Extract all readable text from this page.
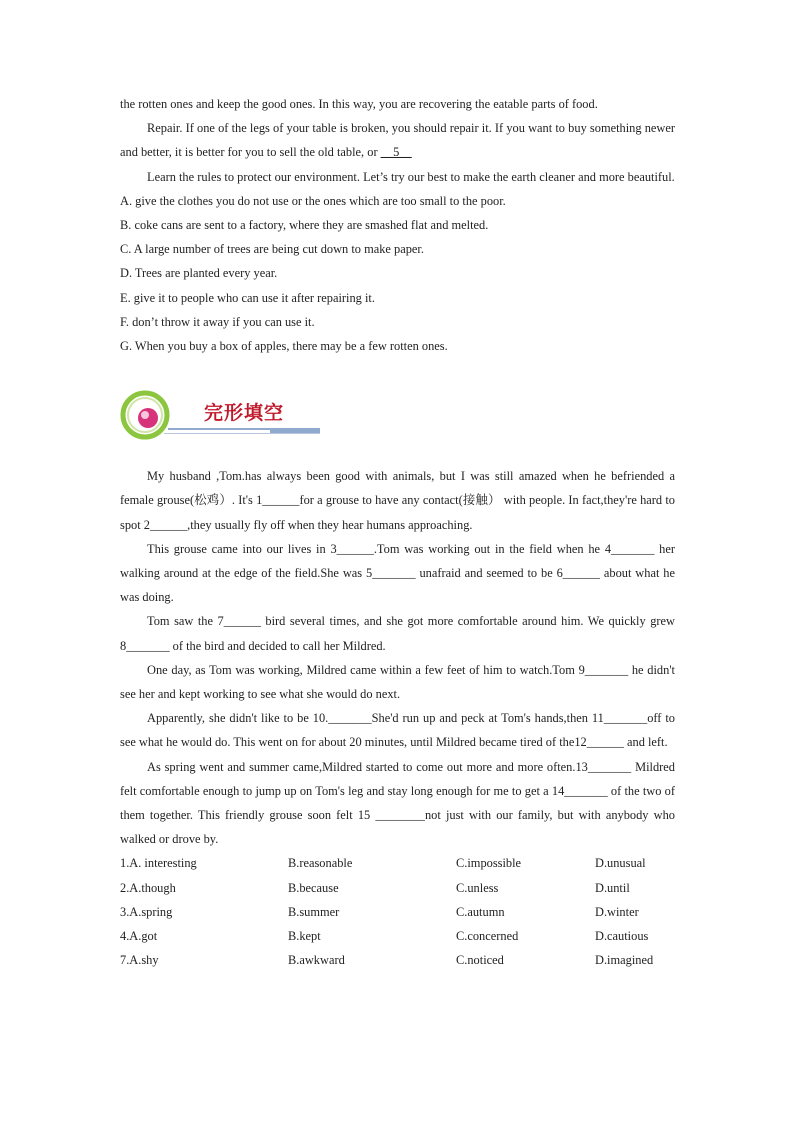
the rotten ones and keep the good ones. In this way, you are recovering the eatable parts of food.

Repair. If one of the legs of your table is broken, you should repair it. If you want to buy something newer and better, it is better for you to sell the old table, or __5__

Learn the rules to protect our environment. Let’s try our best to make the earth cleaner and more beautiful.

A. give the clothes you do not use or the ones which are too small to the poor.

B. coke cans are sent to a factory, where they are smashed flat and melted.

C. A large number of trees are being cut down to make paper.

D. Trees are planted every year.

E. give it to people who can use it after repairing it.

F. don’t throw it away if you can use it.

G. When you buy a box of apples, there may be a few rotten ones.

完形填空

My husband ,Tom.has always been good with animals, but I was still amazed when he befriended a female grouse(松鸡）. It's 1______for a grouse to have any contact(接触） with people. In fact,they're hard to spot 2______,they usually fly off when they hear humans approaching.

This grouse came into our lives in 3______.Tom was working out in the field when he 4_______ her walking around at the edge of the field.She was 5_______ unafraid and seemed to be 6______ about what he was doing.

Tom saw the 7______ bird several times, and she got more comfortable around him. We quickly grew 8_______ of the bird and decided to call her Mildred.

One day, as Tom was working, Mildred came within a few feet of him to watch.Tom 9_______ he didn't see her and kept working to see what she would do next.

Apparently, she didn't like to be 10._______She'd run up and peck at Tom's hands,then 11_______off to see what he would do. This went on for about 20 minutes, until Mildred became tired of the12______ and left.

As spring went and summer came,Mildred started to come out more and more often.13_______ Mildred felt comfortable enough to jump up on Tom's leg and stay long enough for me to get a 14_______ of the two of them together. This friendly grouse soon felt 15 ________not just with our family, but with anybody who walked or drove by.

1.A. interesting	B.reasonable	C.impossible	D.unusual
2.A.though	B.because	C.unless	D.until
3.A.spring	B.summer	C.autumn	D.winter
4.A.got	B.kept	C.concerned	D.cautious
7.A.shy	B.awkward	C.noticed	D.imagined
